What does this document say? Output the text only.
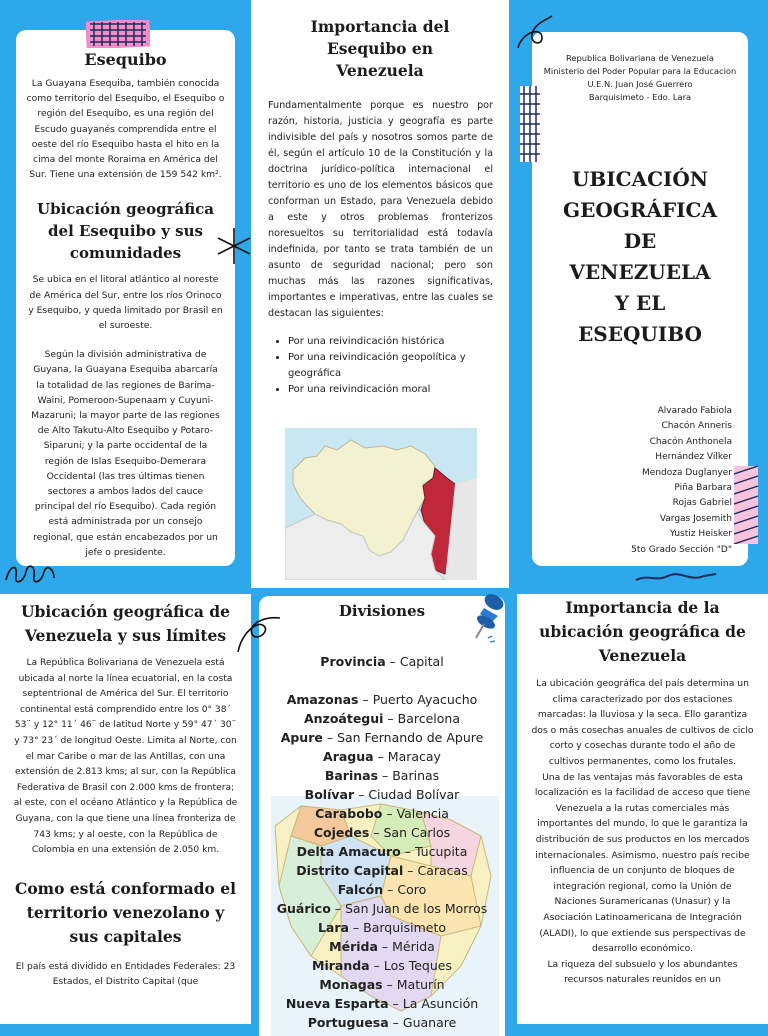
Esequibo

La Guayana Esequiba, también conocida como territorio del Esequibo, el Esequibo o región del Esequibo, es una región del Escudo guayanés comprendida entre el oeste del río Esequibo hasta el hito en la cima del monte Roraima en América del Sur. Tiene una extensión de 159 542 km².

Ubicación geográfica del Esequibo y sus comunidades

Se ubica en el litoral atlántico al noreste de América del Sur, entre los ríos Orinoco y Esequibo, y queda limitado por Brasil en el suroeste.

Según la división administrativa de Guyana, la Guayana Esequiba abarcaría la totalidad de las regiones de Barima-Waini, Pomeroon-Supenaam y Cuyuni-Mazaruni; la mayor parte de las regiones de Alto Takutu-Alto Esequibo y Potaro-Siparuni; y la parte occidental de la región de Islas Esequibo-Demerara Occidental (las tres últimas tienen sectores a ambos lados del cauce principal del río Esequibo). Cada región está administrada por un consejo regional, que están encabezados por un jefe o presidente.

Importancia del Esequibo en Venezuela

Fundamentalmente porque es nuestro por razón, historia, justicia y geografía es parte indivisible del país y nosotros somos parte de él, según el artículo 10 de la Constitución y la doctrina jurídico-política internacional el territorio es uno de los elementos básicos que conforman un Estado, para Venezuela debido a este y otros problemas fronterizos noresueltos su territorialidad está todavía indefinida, por tanto se trata también de un asunto de seguridad nacional; pero son muchas más las razones significativas, importantes e imperativas, entre las cuales se destacan las siguientes:

• Por una reivindicación histórica
• Por una reivindicación geopolítica y geográfica
• Por una reivindicación moral
Republica Bolivariana de Venezuela
Ministerio del Poder Popular para la Educacion
U.E.N. Juan José Guerrero
Barquisimeto - Edo. Lara
UBICACIÓN
GEOGRÁFICA
DE
VENEZUELA
Y EL
ESEQUIBO
Alvarado Fabiola
Chacón Anneris
Chacón Anthonela
Hernández Vilker
Mendoza Duglanyer
Piña Barbara
Rojas Gabriel
Vargas Josemith
Yustiz Heisker
5to Grado Sección "D"
Ubicación geográfica de Venezuela y sus límites

La República Bolivariana de Venezuela está ubicada al norte la línea ecuatorial, en la costa septentrional de América del Sur. El territorio continental está comprendido entre los 0° 38´ 53¨ y 12° 11´ 46¨ de latitud Norte y 59° 47´ 30¨ y 73° 23´ de longitud Oeste. Limita al Norte, con el mar Caribe o mar de las Antillas, con una extensión de 2.813 kms; al sur, con la República Federativa de Brasil con 2.000 kms de frontera; al este, con el océano Atlántico y la República de Guyana, con la que tiene una línea fronteriza de 743 kms; y al oeste, con la República de Colombia en una extensión de 2.050 km.

Como está conformado el territorio venezolano y sus capitales

El país está dividido en Entidades Federales: 23 Estados, el Distrito Capital (que

Divisiones
Provincia – Capital
Amazonas – Puerto Ayacucho
Anzoátegui – Barcelona
Apure – San Fernando de Apure
Aragua – Maracay
Barinas – Barinas
Bolívar – Ciudad Bolívar
Carabobo – Valencia
Cojedes – San Carlos
Delta Amacuro – Tucupita
Distrito Capital – Caracas
Falcón – Coro
Guárico – San Juan de los Morros
Lara – Barquisimeto
Mérida – Mérida
Miranda – Los Teques
Monagas – Maturín
Nueva Esparta – La Asunción
Portuguesa – Guanare
Importancia de la ubicación geográfica de Venezuela

La ubicación geográfica del país determina un clima caracterizado por dos estaciones marcadas: la lluviosa y la seca. Ello garantiza dos o más cosechas anuales de cultivos de ciclo corto y cosechas durante todo el año de cultivos permanentes, como los frutales.
Una de las ventajas más favorables de esta localización es la facilidad de acceso que tiene Venezuela a la rutas comerciales más importantes del mundo, lo que le garantiza la distribución de sus productos en los mercados internacionales. Asimismo, nuestro país recibe influencia de un conjunto de bloques de integración regional, como la Unión de Naciones Suramericanas (Unasur) y la Asociación Latinoamericana de Integración (ALADI), lo que extiende sus perspectivas de desarrollo económico.
La riqueza del subsuelo y los abundantes recursos naturales reunidos en un
